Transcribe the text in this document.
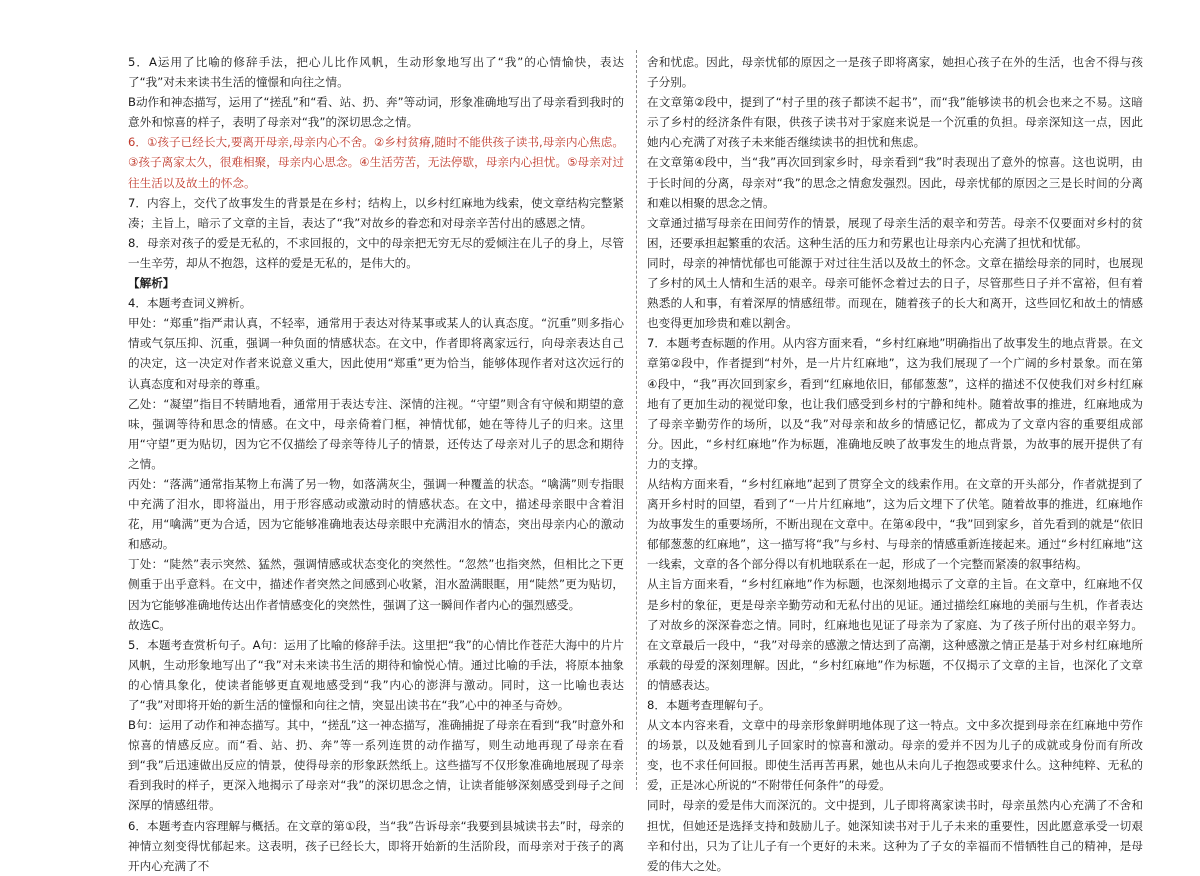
5．A运用了比喻的修辞手法，把心儿比作风帆，生动形象地写出了“我”的心情愉快，表达了“我”对未来读书生活的憧憬和向往之情。

B动作和神态描写，运用了“搓乱”和“看、站、扔、奔”等动词，形象准确地写出了母亲看到我时的意外和惊喜的样子，表明了母亲对“我”的深切思念之情。

6．①孩子已经长大,要离开母亲,母亲内心不舍。②乡村贫瘠,随时不能供孩子读书,母亲内心焦虑。③孩子离家太久，很难相聚，母亲内心思念。④生活劳苦，无法停歇，母亲内心担忧。⑤母亲对过往生活以及故土的怀念。

7．内容上，交代了故事发生的背景是在乡村；结构上，以乡村红麻地为线索，使文章结构完整紧凑；主旨上，暗示了文章的主旨，表达了“我”对故乡的眷恋和对母亲辛苦付出的感恩之情。

8．母亲对孩子的爱是无私的，不求回报的，文中的母亲把无穷无尽的爱倾注在儿子的身上，尽管一生辛劳，却从不抱怨，这样的爱是无私的，是伟大的。

【解析】

4．本题考查词义辨析。

甲处：“郑重”指严肃认真，不轻率，通常用于表达对待某事或某人的认真态度。“沉重”则多指心情或气氛压抑、沉重，强调一种负面的情感状态。在文中，作者即将离家远行，向母亲表达自己的决定，这一决定对作者来说意义重大，因此使用“郑重”更为恰当，能够体现作者对这次远行的认真态度和对母亲的尊重。

乙处：“凝望”指目不转睛地看，通常用于表达专注、深情的注视。“守望”则含有守候和期望的意味，强调等待和思念的情感。在文中，母亲倚着门框，神情忧郁，她在等待儿子的归来。这里用“守望”更为贴切，因为它不仅描绘了母亲等待儿子的情景，还传达了母亲对儿子的思念和期待之情。

丙处：“落满”通常指某物上布满了另一物，如落满灰尘，强调一种覆盖的状态。“噙满”则专指眼中充满了泪水，即将溢出，用于形容感动或激动时的情感状态。在文中，描述母亲眼中含着泪花，用“噙满”更为合适，因为它能够准确地表达母亲眼中充满泪水的情态，突出母亲内心的激动和感动。

丁处：“陡然”表示突然、猛然，强调情感或状态变化的突然性。“忽然”也指突然，但相比之下更侧重于出乎意料。在文中，描述作者突然之间感到心收紧，泪水盈满眼眶，用“陡然”更为贴切，因为它能够准确地传达出作者情感变化的突然性，强调了这一瞬间作者内心的强烈感受。

故选C。

5．本题考查赏析句子。A句：运用了比喻的修辞手法。这里把“我”的心情比作苍茫大海中的片片风帆，生动形象地写出了“我”对未来读书生活的期待和愉悦心情。通过比喻的手法，将原本抽象的心情具象化，使读者能够更直观地感受到“我”内心的澎湃与激动。同时，这一比喻也表达了“我”对即将开始的新生活的憧憬和向往之情，突显出读书在“我”心中的神圣与奇妙。

B句：运用了动作和神态描写。其中，“搓乱”这一神态描写，准确捕捉了母亲在看到“我”时意外和惊喜的情感反应。而“看、站、扔、奔”等一系列连贯的动作描写，则生动地再现了母亲在看到“我”后迅速做出反应的情景，使得母亲的形象跃然纸上。这些描写不仅形象准确地展现了母亲看到我时的样子，更深入地揭示了母亲对“我”的深切思念之情，让读者能够深刻感受到母子之间深厚的情感纽带。

6．本题考查内容理解与概括。在文章的第①段，当“我”告诉母亲“我要到县城读书去”时，母亲的神情立刻变得忧郁起来。这表明，孩子已经长大，即将开始新的生活阶段，而母亲对于孩子的离开内心充满了不

舍和忧虑。因此，母亲忧郁的原因之一是孩子即将离家，她担心孩子在外的生活，也舍不得与孩子分别。

在文章第②段中，提到了“村子里的孩子都读不起书”，而“我”能够读书的机会也来之不易。这暗示了乡村的经济条件有限，供孩子读书对于家庭来说是一个沉重的负担。母亲深知这一点，因此她内心充满了对孩子未来能否继续读书的担忧和焦虑。

在文章第④段中，当“我”再次回到家乡时，母亲看到“我”时表现出了意外的惊喜。这也说明，由于长时间的分离，母亲对“我”的思念之情愈发强烈。因此，母亲忧郁的原因之三是长时间的分离和难以相聚的思念之情。

文章通过描写母亲在田间劳作的情景，展现了母亲生活的艰辛和劳苦。母亲不仅要面对乡村的贫困，还要承担起繁重的农活。这种生活的压力和劳累也让母亲内心充满了担忧和忧郁。

同时，母亲的神情忧郁也可能源于对过往生活以及故土的怀念。文章在描绘母亲的同时，也展现了乡村的风土人情和生活的艰辛。母亲可能怀念着过去的日子，尽管那些日子并不富裕，但有着熟悉的人和事，有着深厚的情感纽带。而现在，随着孩子的长大和离开，这些回忆和故土的情感也变得更加珍贵和难以割舍。

7．本题考查标题的作用。从内容方面来看，“乡村红麻地”明确指出了故事发生的地点背景。在文章第②段中，作者提到“村外，是一片片红麻地”，这为我们展现了一个广阔的乡村景象。而在第④段中，“我”再次回到家乡，看到“红麻地依旧，郁郁葱葱”，这样的描述不仅使我们对乡村红麻地有了更加生动的视觉印象，也让我们感受到乡村的宁静和纯朴。随着故事的推进，红麻地成为了母亲辛勤劳作的场所，以及“我”对母亲和故乡的情感记忆，都成为了文章内容的重要组成部分。因此，“乡村红麻地”作为标题，准确地反映了故事发生的地点背景，为故事的展开提供了有力的支撑。

从结构方面来看，“乡村红麻地”起到了贯穿全文的线索作用。在文章的开头部分，作者就提到了离开乡村时的回望，看到了“一片片红麻地”，这为后文埋下了伏笔。随着故事的推进，红麻地作为故事发生的重要场所，不断出现在文章中。在第④段中，“我”回到家乡，首先看到的就是“依旧郁郁葱葱的红麻地”，这一描写将“我”与乡村、与母亲的情感重新连接起来。通过“乡村红麻地”这一线索，文章的各个部分得以有机地联系在一起，形成了一个完整而紧凑的叙事结构。

从主旨方面来看，“乡村红麻地”作为标题，也深刻地揭示了文章的主旨。在文章中，红麻地不仅是乡村的象征，更是母亲辛勤劳动和无私付出的见证。通过描绘红麻地的美丽与生机，作者表达了对故乡的深深眷恋之情。同时，红麻地也见证了母亲为了家庭、为了孩子所付出的艰辛努力。在文章最后一段中，“我”对母亲的感激之情达到了高潮，这种感激之情正是基于对乡村红麻地所承载的母爱的深刻理解。因此，“乡村红麻地”作为标题，不仅揭示了文章的主旨，也深化了文章的情感表达。

8．本题考查理解句子。

从文本内容来看，文章中的母亲形象鲜明地体现了这一特点。文中多次提到母亲在红麻地中劳作的场景，以及她看到儿子回家时的惊喜和激动。母亲的爱并不因为儿子的成就或身份而有所改变，也不求任何回报。即使生活再苦再累，她也从未向儿子抱怨或要求什么。这种纯粹、无私的爱，正是冰心所说的“不附带任何条件”的母爱。

同时，母亲的爱是伟大而深沉的。文中提到，儿子即将离家读书时，母亲虽然内心充满了不舍和担忧，但她还是选择支持和鼓励儿子。她深知读书对于儿子未来的重要性，因此愿意承受一切艰辛和付出，只为了让儿子有一个更好的未来。这种为了子女的幸福而不惜牺牲自己的精神，是母爱的伟大之处。
